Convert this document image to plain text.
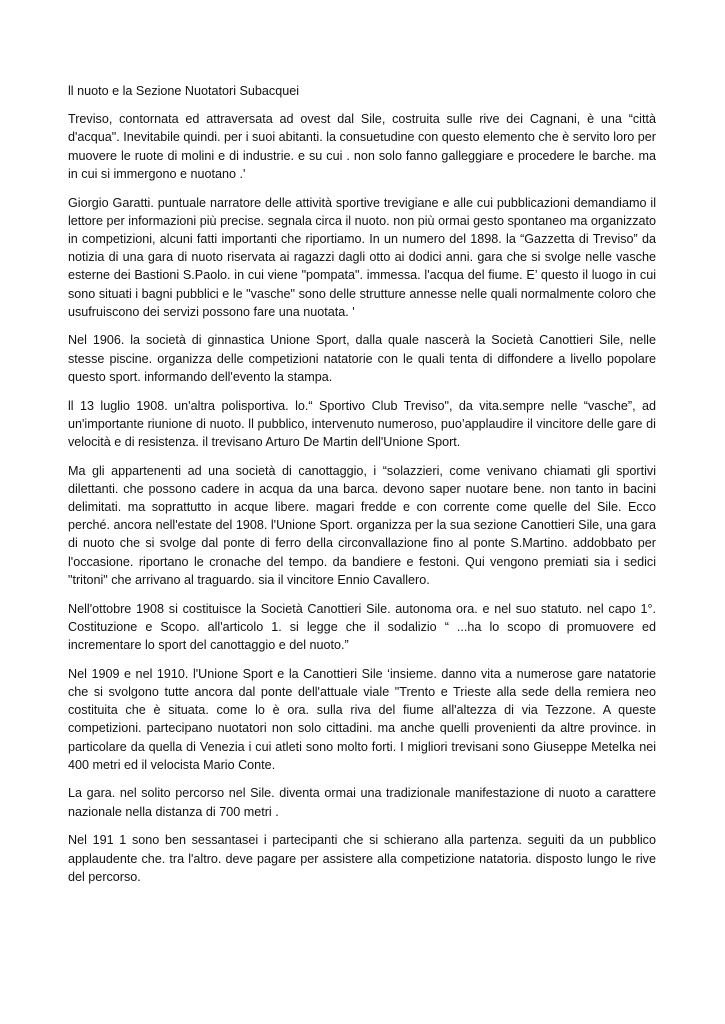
ll nuoto e la Sezione Nuotatori Subacquei

Treviso, contornata ed attraversata ad ovest dal Sile, costruita sulle rive dei Cagnani, è una “città d'acqua". Inevitabile quindi. per i suoi abitanti. la consuetudine con questo elemento che è servito loro per muovere le ruote di molini e di industrie. e su cui . non solo fanno galleggiare e procedere le barche. ma in cui si immergono e nuotano .'

Giorgio Garatti. puntuale narratore delle attività sportive trevigiane e alle cui pubblicazioni demandiamo il lettore per informazioni più precise. segnala circa il nuoto. non più ormai gesto spontaneo ma organizzato in competizioni, alcuni fatti importanti che riportiamo. In un numero del 1898. la “Gazzetta di Treviso” da notizia di una gara di nuoto riservata ai ragazzi dagli otto ai dodici anni. gara che si svolge nelle vasche esterne dei Bastioni S.Paolo. in cui viene "pompata". immessa. l'acqua del fiume. E’ questo il luogo in cui sono situati i bagni pubblici e le "vasche" sono delle strutture annesse nelle quali normalmente coloro che usufruiscono dei servizi possono fare una nuotata. '

Nel 1906. la società di ginnastica Unione Sport, dalla quale nascerà la Società Canottieri Sile, nelle stesse piscine. organizza delle competizioni natatorie con le quali tenta di diffondere a livello popolare questo sport. informando dell'evento la stampa.

ll 13 luglio 1908. un'altra polisportiva. lo.“ Sportivo Club Treviso", da vita.sempre nelle “vasche”, ad un'importante riunione di nuoto. ll pubblico, intervenuto numeroso, puo’applaudire il vincitore delle gare di velocità e di resistenza. il trevisano Arturo De Martin dell'Unione Sport.

Ma gli appartenenti ad una società di canottaggio, i “solazzieri, come venivano chiamati gli sportivi dilettanti. che possono cadere in acqua da una barca. devono saper nuotare bene. non tanto in bacini delimitati. ma soprattutto in acque libere. magari fredde e con corrente come quelle del Sile. Ecco perché. ancora nell'estate del 1908. l'Unione Sport. organizza per la sua sezione Canottieri Sile, una gara di nuoto che si svolge dal ponte di ferro della circonvallazione fino al ponte S.Martino. addobbato per l'occasione. riportano le cronache del tempo. da bandiere e festoni. Qui vengono premiati sia i sedici "tritoni" che arrivano al traguardo. sia il vincitore Ennio Cavallero.

Nell'ottobre 1908 si costituisce la Società Canottieri Sile. autonoma ora. e nel suo statuto. nel capo 1°. Costituzione e Scopo. all'articolo 1. si legge che il sodalizio “ ...ha lo scopo di promuovere ed incrementare lo sport del canottaggio e del nuoto.”

Nel 1909 e nel 1910. l'Unione Sport e la Canottieri Sile ‘insieme. danno vita a numerose gare natatorie che si svolgono tutte ancora dal ponte dell'attuale viale "Trento e Trieste alla sede della remiera neo costituita che è situata. come lo è ora. sulla riva del fiume all'altezza di via Tezzone. A queste competizioni. partecipano nuotatori non solo cittadini. ma anche quelli provenienti da altre province. in particolare da quella di Venezia i cui atleti sono molto forti. I migliori trevisani sono Giuseppe Metelka nei 400 metri ed il velocista Mario Conte.

La gara. nel solito percorso nel Sile. diventa ormai una tradizionale manifestazione di nuoto a carattere nazionale nella distanza di 700 metri .

Nel 191 1 sono ben sessantasei i partecipanti che si schierano alla partenza. seguiti da un pubblico applaudente che. tra l'altro. deve pagare per assistere alla competizione natatoria. disposto lungo le rive del percorso.
